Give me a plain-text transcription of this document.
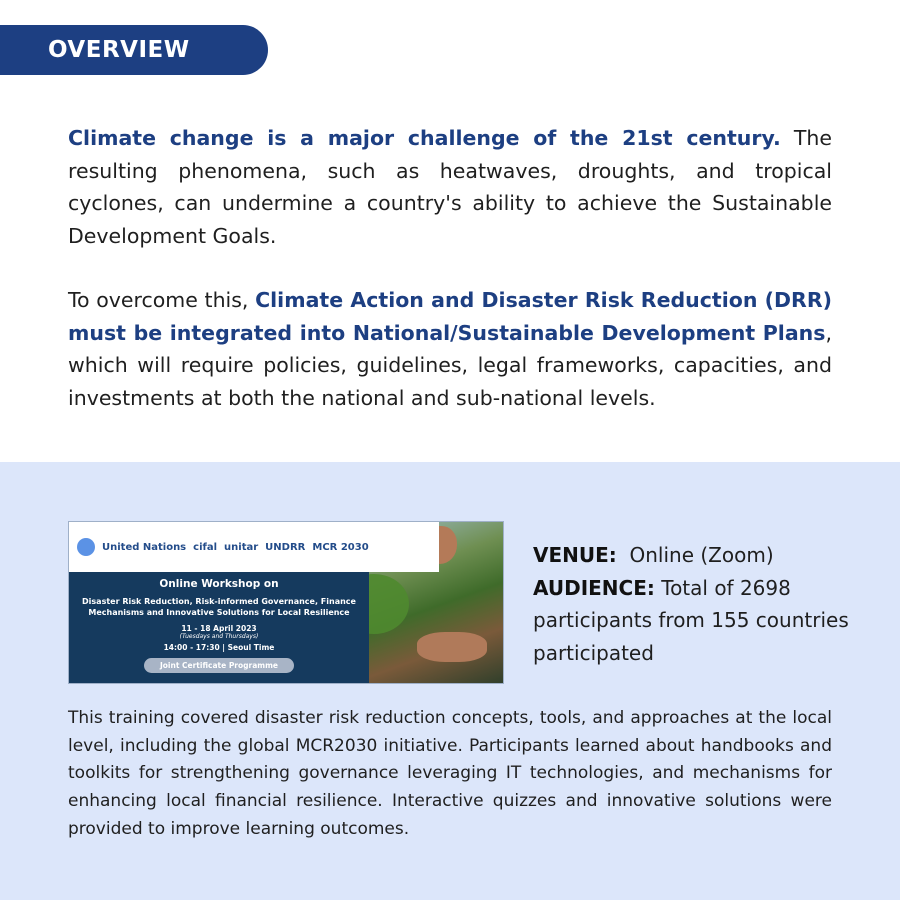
OVERVIEW

Climate change is a major challenge of the 21st century. The resulting phenomena, such as heatwaves, droughts, and tropical cyclones, can undermine a country's ability to achieve the Sustainable Development Goals.

To overcome this, Climate Action and Disaster Risk Reduction (DRR) must be integrated into National/Sustainable Development Plans, which will require policies, guidelines, legal frameworks, capacities, and investments at both the national and sub-national levels.

United Nations cifal unitar UNDRR MCR 2030
Online Workshop on
Disaster Risk Reduction, Risk-informed Governance, Finance Mechanisms and Innovative Solutions for Local Resilience
11 - 18 April 2023
(Tuesdays and Thursdays)
14:00 - 17:30 | Seoul Time
Joint Certificate Programme
VENUE: Online (Zoom)
AUDIENCE: Total of 2698 participants from 155 countries participated

This training covered disaster risk reduction concepts, tools, and approaches at the local level, including the global MCR2030 initiative. Participants learned about handbooks and toolkits for strengthening governance leveraging IT technologies, and mechanisms for enhancing local financial resilience. Interactive quizzes and innovative solutions were provided to improve learning outcomes.
